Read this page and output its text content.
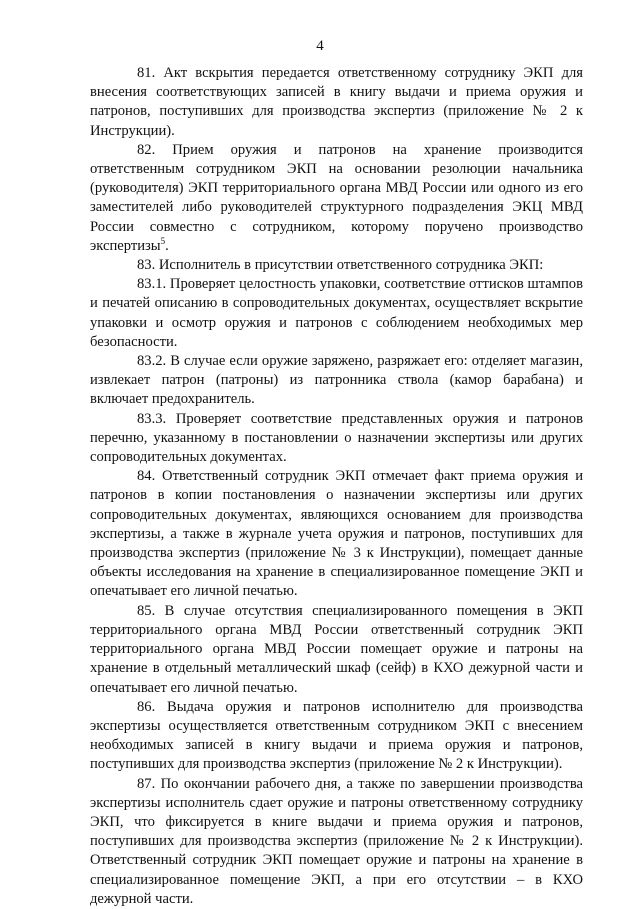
4

81. Акт вскрытия передается ответственному сотруднику ЭКП для внесения соответствующих записей в книгу выдачи и приема оружия и патронов, поступивших для производства экспертиз (приложение № 2 к Инструкции).

82. Прием оружия и патронов на хранение производится ответственным сотрудником ЭКП на основании резолюции начальника (руководителя) ЭКП территориального органа МВД России или одного из его заместителей либо руководителей структурного подразделения ЭКЦ МВД России совместно с сотрудником, которому поручено производство экспертизы$^5$.

83. Исполнитель в присутствии ответственного сотрудника ЭКП:

83.1. Проверяет целостность упаковки, соответствие оттисков штампов и печатей описанию в сопроводительных документах, осуществляет вскрытие упаковки и осмотр оружия и патронов с соблюдением необходимых мер безопасности.

83.2. В случае если оружие заряжено, разряжает его: отделяет магазин, извлекает патрон (патроны) из патронника ствола (камор барабана) и включает предохранитель.

83.3. Проверяет соответствие представленных оружия и патронов перечню, указанному в постановлении о назначении экспертизы или других сопроводительных документах.

84. Ответственный сотрудник ЭКП отмечает факт приема оружия и патронов в копии постановления о назначении экспертизы или других сопроводительных документах, являющихся основанием для производства экспертизы, а также в журнале учета оружия и патронов, поступивших для производства экспертиз (приложение № 3 к Инструкции), помещает данные объекты исследования на хранение в специализированное помещение ЭКП и опечатывает его личной печатью.

85. В случае отсутствия специализированного помещения в ЭКП территориального органа МВД России ответственный сотрудник ЭКП территориального органа МВД России помещает оружие и патроны на хранение в отдельный металлический шкаф (сейф) в КХО дежурной части и опечатывает его личной печатью.

86. Выдача оружия и патронов исполнителю для производства экспертизы осуществляется ответственным сотрудником ЭКП с внесением необходимых записей в книгу выдачи и приема оружия и патронов, поступивших для производства экспертиз (приложение № 2 к Инструкции).

87. По окончании рабочего дня, а также по завершении производства экспертизы исполнитель сдает оружие и патроны ответственному сотруднику ЭКП, что фиксируется в книге выдачи и приема оружия и патронов, поступивших для производства экспертиз (приложение № 2 к Инструкции). Ответственный сотрудник ЭКП помещает оружие и патроны на хранение в специализированное помещение ЭКП, а при его отсутствии – в КХО дежурной части.
